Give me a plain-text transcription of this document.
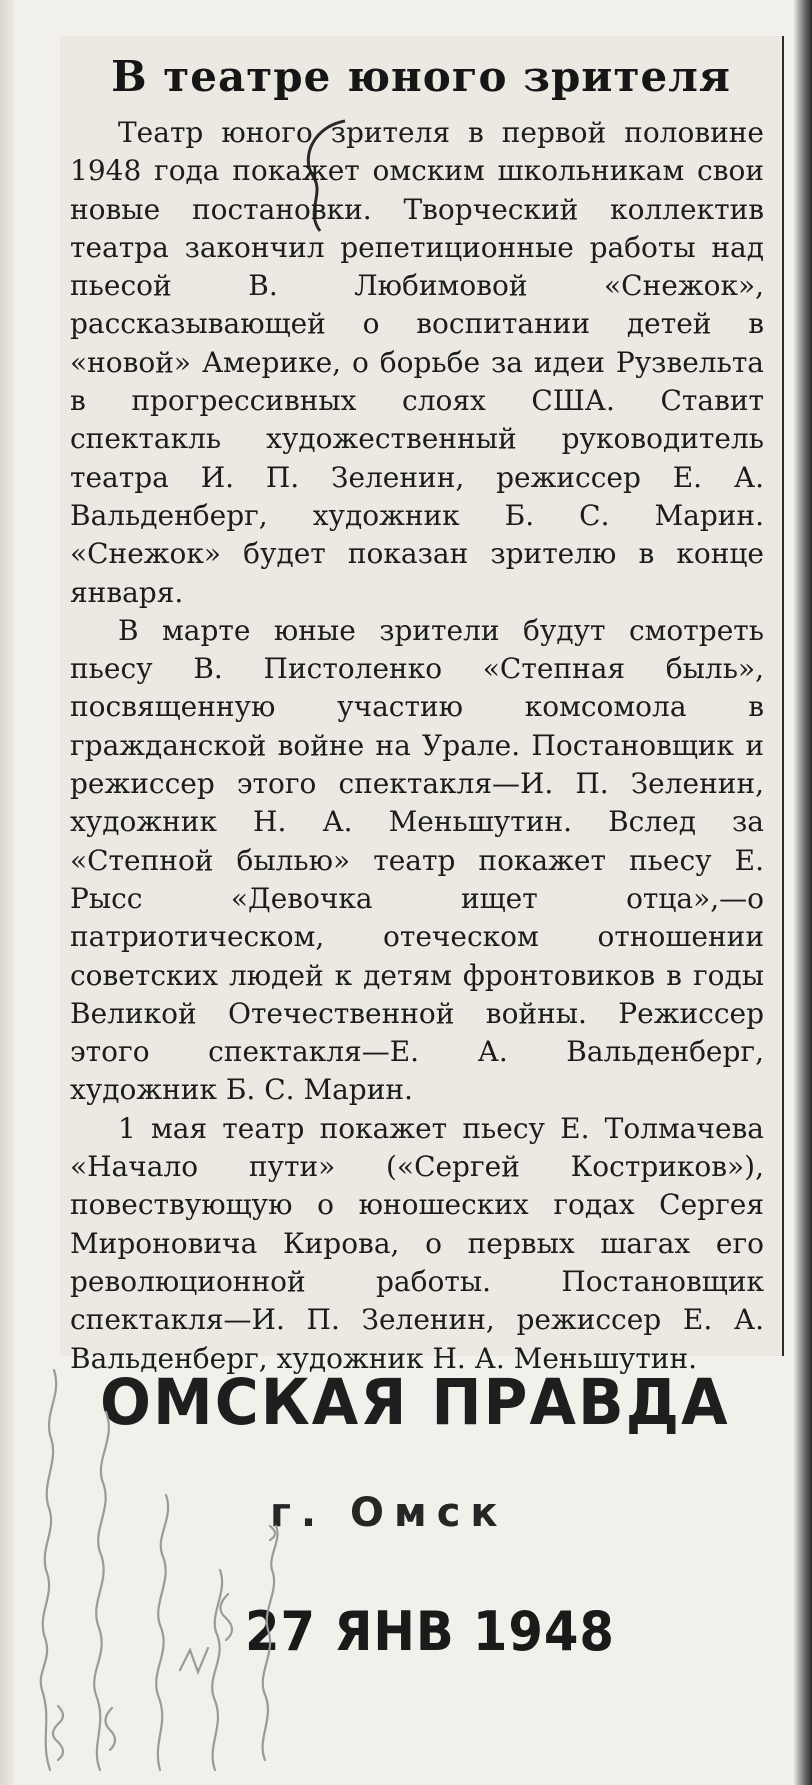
В театре юного зрителя

Театр юного зрителя в первой половине 1948 года покажет омским школьникам свои новые постановки. Творческий коллектив театра закончил репетиционные работы над пьесой В. Любимовой «Снежок», рассказывающей о воспитании детей в «новой» Америке, о борьбе за идеи Рузвельта в прогрессивных слоях США. Ставит спектакль художественный руководитель театра И. П. Зеленин, режиссер Е. А. Вальденберг, художник Б. С. Марин. «Снежок» будет показан зрителю в конце января.

В марте юные зрители будут смотреть пьесу В. Пистоленко «Степная быль», посвященную участию комсомола в гражданской войне на Урале. Постановщик и режиссер этого спектакля—И. П. Зеленин, художник Н. А. Меньшутин. Вслед за «Степной былью» театр покажет пьесу Е. Рысс «Девочка ищет отца»,—о патриотическом, отеческом отношении советских людей к детям фронтовиков в годы Великой Отечественной войны. Режиссер этого спектакля—Е. А. Вальденберг, художник Б. С. Марин.

1 мая театр покажет пьесу Е. Толмачева «Начало пути» («Сергей Костриков»), повествующую о юношеских годах Сергея Мироновича Кирова, о первых шагах его революционной работы. Постановщик спектакля—И. П. Зеленин, режиссер Е. А. Вальденберг, художник Н. А. Меньшутин.

ОМСКАЯ ПРАВДА
г. Омск
27 ЯНВ 1948
